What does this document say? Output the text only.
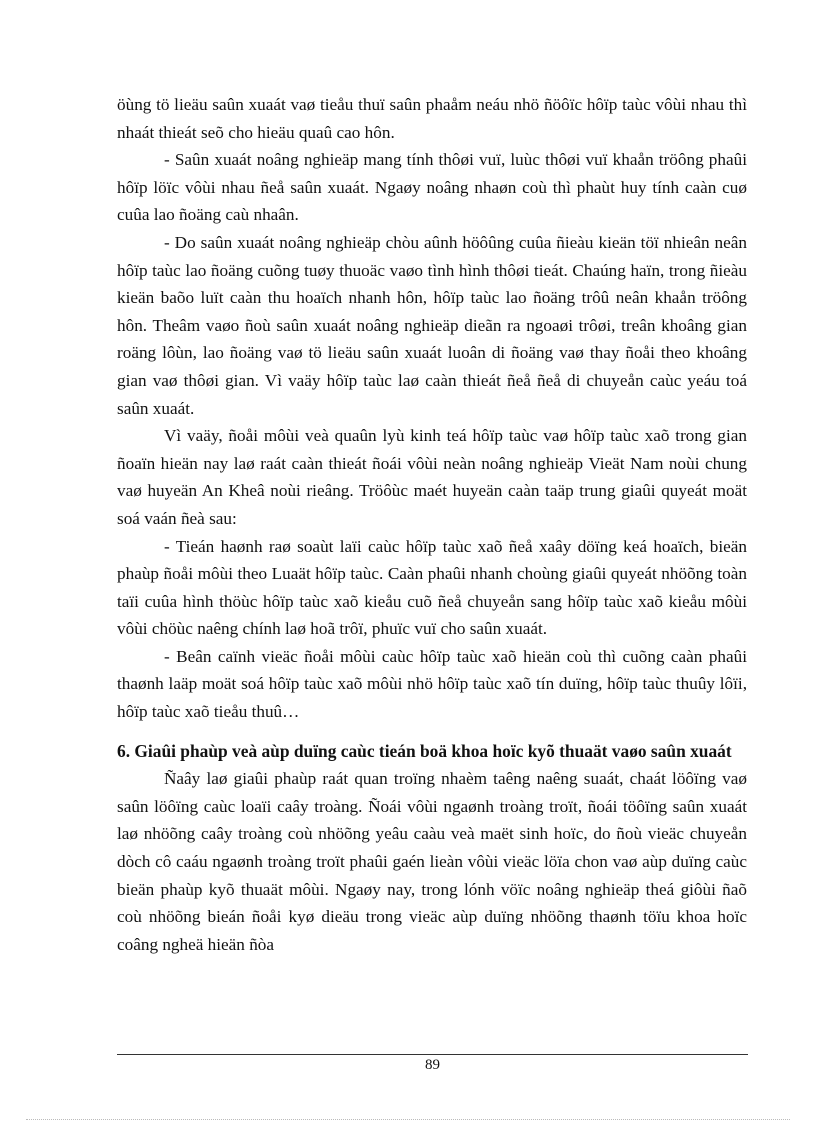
öùng tö lieäu saûn xuaát vaø tieåu thuï saûn phaåm neáu nhö ñöôïc hôïp taùc vôùi nhau thì nhaát thieát seõ cho hieäu quaû cao hôn.

- Saûn xuaát noâng nghieäp mang tính thôøi vuï, luùc thôøi vuï khaån tröông phaûi hôïp löïc vôùi nhau ñeå saûn xuaát. Ngaøy noâng nhaøn coù thì phaùt huy tính caàn cuø cuûa lao ñoäng caù nhaân.

- Do saûn xuaát noâng nghieäp chòu aûnh höôûng cuûa ñieàu kieän töï nhieân neân hôïp taùc lao ñoäng cuõng tuøy thuoäc vaøo tình hình thôøi tieát. Chaúng haïn, trong ñieàu kieän baõo luït caàn thu hoaïch nhanh hôn, hôïp taùc lao ñoäng trôû neân khaån tröông hôn. Theâm vaøo ñoù saûn xuaát noâng nghieäp dieãn ra ngoaøi trôøi, treân khoâng gian roäng lôùn, lao ñoäng vaø tö lieäu saûn xuaát luoân di ñoäng vaø thay ñoåi theo khoâng gian vaø thôøi gian. Vì vaäy hôïp taùc laø caàn thieát ñeå ñeå di chuyeån caùc yeáu toá saûn xuaát.

Vì vaäy, ñoåi môùi veà quaûn lyù kinh teá hôïp taùc vaø hôïp taùc xaõ trong gian ñoaïn hieän nay laø raát caàn thieát ñoái vôùi neàn noâng nghieäp Vieät Nam noùi chung vaø huyeän An Kheâ noùi rieâng. Tröôùc maét huyeän caàn taäp trung giaûi quyeát moät soá vaán ñeà sau:

- Tieán haønh raø soaùt laïi caùc hôïp taùc xaõ ñeå xaây döïng keá hoaïch, bieän phaùp ñoåi môùi theo Luaät hôïp taùc. Caàn phaûi nhanh choùng giaûi quyeát nhöõng toàn taïi cuûa hình thöùc hôïp taùc xaõ kieåu cuõ ñeå chuyeån sang hôïp taùc xaõ kieåu môùi vôùi chöùc naêng chính laø hoã trôï, phuïc vuï cho saûn xuaát.

- Beân caïnh vieäc ñoåi môùi caùc hôïp taùc xaõ hieän coù thì cuõng caàn phaûi thaønh laäp moät soá hôïp taùc xaõ môùi nhö hôïp taùc xaõ tín duïng, hôïp taùc thuûy lôïi, hôïp taùc xaõ tieåu thuû…

6. Giaûi phaùp veà aùp duïng caùc tieán boä khoa hoïc kyõ thuaät vaøo saûn xuaát

Ñaây laø giaûi phaùp raát quan troïng nhaèm taêng naêng suaát, chaát löôïng vaø saûn löôïng caùc loaïi caây troàng. Ñoái vôùi ngaønh troàng troït, ñoái töôïng saûn xuaát laø nhöõng caây troàng coù nhöõng yeâu caàu veà maët sinh hoïc, do ñoù vieäc chuyeån dòch cô caáu ngaønh troàng troït phaûi gaén lieàn vôùi vieäc löïa chon vaø aùp duïng caùc bieän phaùp kyõ thuaät môùi. Ngaøy nay, trong lónh vöïc noâng nghieäp theá giôùi ñaõ coù nhöõng bieán ñoåi kyø dieäu trong vieäc aùp duïng nhöõng thaønh töïu khoa hoïc coâng ngheä hieän ñòa

89
